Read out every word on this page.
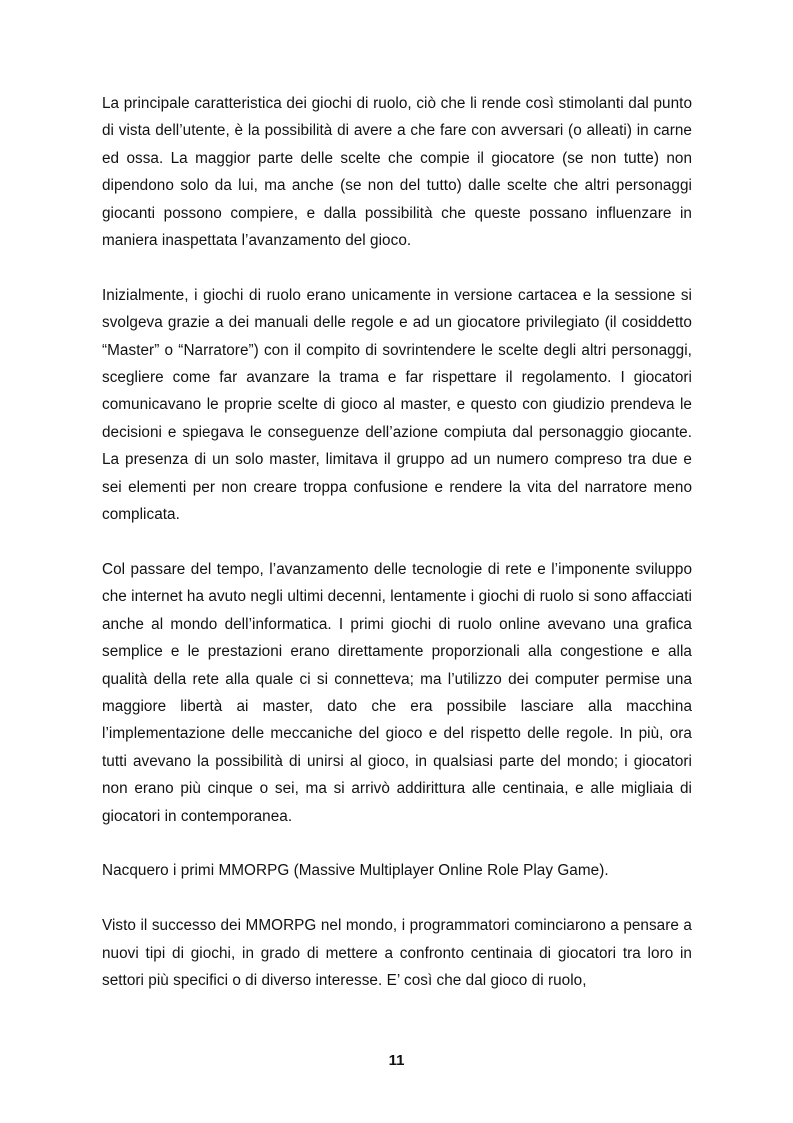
La principale caratteristica dei giochi di ruolo, ciò che li rende così stimolanti dal punto di vista dell’utente, è la possibilità di avere a che fare con avversari (o alleati) in carne ed ossa. La maggior parte delle scelte che compie il giocatore (se non tutte) non dipendono solo da lui, ma anche (se non del tutto) dalle scelte che altri personaggi giocanti possono compiere, e dalla possibilità che queste possano influenzare in maniera inaspettata l’avanzamento del gioco.

Inizialmente, i giochi di ruolo erano unicamente in versione cartacea e la sessione si svolgeva grazie a dei manuali delle regole e ad un giocatore privilegiato (il cosiddetto “Master” o “Narratore”) con il compito di sovrintendere le scelte degli altri personaggi, scegliere come far avanzare la trama e far rispettare il regolamento. I giocatori comunicavano le proprie scelte di gioco al master, e questo con giudizio prendeva le decisioni e spiegava le conseguenze dell’azione compiuta dal personaggio giocante. La presenza di un solo master, limitava il gruppo ad un numero compreso tra due e sei elementi per non creare troppa confusione e rendere la vita del narratore meno complicata.

Col passare del tempo, l’avanzamento delle tecnologie di rete e l’imponente sviluppo che internet ha avuto negli ultimi decenni, lentamente i giochi di ruolo si sono affacciati anche al mondo dell’informatica. I primi giochi di ruolo online avevano una grafica semplice e le prestazioni erano direttamente proporzionali alla congestione e alla qualità della rete alla quale ci si connetteva; ma l’utilizzo dei computer permise una maggiore libertà ai master, dato che era possibile lasciare alla macchina l’implementazione delle meccaniche del gioco e del rispetto delle regole. In più, ora tutti avevano la possibilità di unirsi al gioco, in qualsiasi parte del mondo; i giocatori non erano più cinque o sei, ma si arrivò addirittura alle centinaia, e alle migliaia di giocatori in contemporanea.

Nacquero i primi MMORPG (Massive Multiplayer Online Role Play Game).

Visto il successo dei MMORPG nel mondo, i programmatori cominciarono a pensare a nuovi tipi di giochi, in grado di mettere a confronto centinaia di giocatori tra loro in settori più specifici o di diverso interesse. E’ così che dal gioco di ruolo,

11
